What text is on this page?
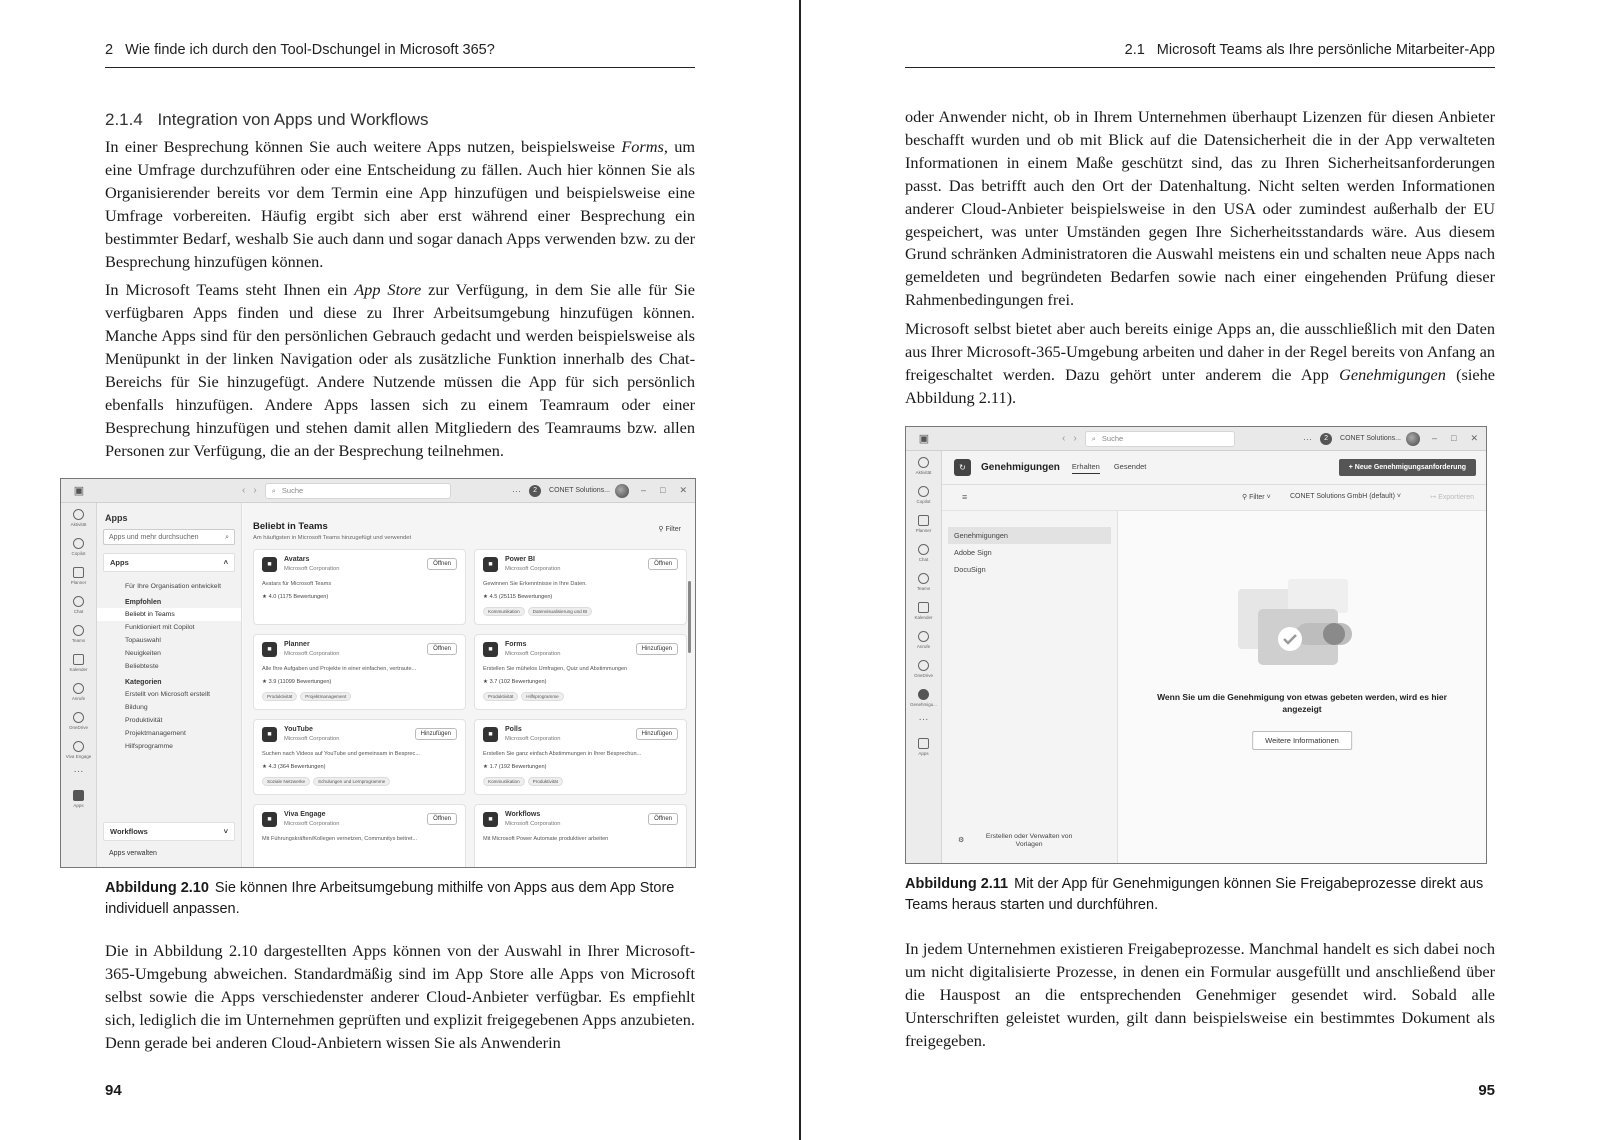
2 Wie finde ich durch den Tool-Dschungel in Microsoft 365?
2.1.4 Integration von Apps und Workflows

In einer Besprechung können Sie auch weitere Apps nutzen, beispielsweise Forms, um eine Umfrage durchzuführen oder eine Entscheidung zu fällen. Auch hier können Sie als Organisierender bereits vor dem Termin eine App hinzufügen und beispielsweise eine Umfrage vorbereiten. Häufig ergibt sich aber erst während einer Besprechung ein bestimmter Bedarf, weshalb Sie auch dann und sogar danach Apps verwenden bzw. zu der Besprechung hinzufügen können.

In Microsoft Teams steht Ihnen ein App Store zur Verfügung, in dem Sie alle für Sie verfügbaren Apps finden und diese zu Ihrer Arbeitsumgebung hinzufügen können. Manche Apps sind für den persönlichen Gebrauch gedacht und werden beispielsweise als Menüpunkt in der linken Navigation oder als zusätzliche Funktion innerhalb des Chat-Bereichs für Sie hinzugefügt. Andere Nutzende müssen die App für sich persönlich ebenfalls hinzufügen. Andere Apps lassen sich zu einem Teamraum oder einer Besprechung hinzufügen und stehen damit allen Mitgliedern des Teamraums bzw. allen Personen zur Verfügung, die an der Besprechung teilnehmen.

▣	‹ › ⌕ Suche	···	2	CONET Solutions...	– □ ✕
Aktivität
Copilot
Planner
Chat
Teams
Kalender
Anrufe
OneDrive
Viva Engage
···
Apps
Apps
Apps und mehr durchsuchen	⌕
Apps	˄
Für Ihre Organisation entwickelt
Empfohlen
Beliebt in Teams
Funktioniert mit Copilot
Topauswahl
Neuigkeiten
Beliebteste
Kategorien
Erstellt von Microsoft erstellt
Bildung
Produktivität
Projektmanagement
Hilfsprogramme
Workflows	˅
Apps verwalten
Beliebt in Teams
Am häufigsten in Microsoft Teams hinzugefügt und verwendet
⚲ Filter
■
Avatars
Microsoft Corporation
Öffnen
Avatars für Microsoft Teams
★ 4.0 (1175 Bewertungen)
■
Power BI
Microsoft Corporation
Öffnen
Gewinnen Sie Erkenntnisse in Ihre Daten.
★ 4.5 (25115 Bewertungen)
Kommunikation	Datenvisualisierung und BI
■
Planner
Microsoft Corporation
Öffnen
Alle Ihre Aufgaben und Projekte in einer einfachen, vertraute...
★ 3.9 (11099 Bewertungen)
Produktivität	Projektmanagement
■
Forms
Microsoft Corporation
Hinzufügen
Erstellen Sie mühelos Umfragen, Quiz und Abstimmungen
★ 3.7 (102 Bewertungen)
Produktivität	Hilfsprogramme
■
YouTube
Microsoft Corporation
Hinzufügen
Suchen nach Videos auf YouTube und gemeinsam in Besprec...
★ 4.3 (364 Bewertungen)
Soziale Netzwerke	Schulungen und Lernprogramme
■
Polls
Microsoft Corporation
Hinzufügen
Erstellen Sie ganz einfach Abstimmungen in Ihrer Besprechun...
★ 1.7 (192 Bewertungen)
Kommunikation	Produktivität
■
Viva Engage
Microsoft Corporation
Öffnen
Mit Führungskräften/Kollegen vernetzen, Communitys beitret...
■
Workflows
Microsoft Corporation
Öffnen
Mit Microsoft Power Automate produktiver arbeiten
Abbildung 2.10 Sie können Ihre Arbeitsumgebung mithilfe von Apps aus dem App Store individuell anpassen.

Die in Abbildung 2.10 dargestellten Apps können von der Auswahl in Ihrer Microsoft-365-Umgebung abweichen. Standardmäßig sind im App Store alle Apps von Microsoft selbst sowie die Apps verschiedenster anderer Cloud-Anbieter verfügbar. Es empfiehlt sich, lediglich die im Unternehmen geprüften und explizit freigegebenen Apps anzubieten. Denn gerade bei anderen Cloud-Anbietern wissen Sie als Anwenderin

94
2.1 Microsoft Teams als Ihre persönliche Mitarbeiter-App

oder Anwender nicht, ob in Ihrem Unternehmen überhaupt Lizenzen für diesen Anbieter beschafft wurden und ob mit Blick auf die Datensicherheit die in der App verwalteten Informationen in einem Maße geschützt sind, das zu Ihren Sicherheitsanforderungen passt. Das betrifft auch den Ort der Datenhaltung. Nicht selten werden Informationen anderer Cloud-Anbieter beispielsweise in den USA oder zumindest außerhalb der EU gespeichert, was unter Umständen gegen Ihre Sicherheitsstandards wäre. Aus diesem Grund schränken Administratoren die Auswahl meistens ein und schalten neue Apps nach gemeldeten und begründeten Bedarfen sowie nach einer eingehenden Prüfung dieser Rahmenbedingungen frei.

Microsoft selbst bietet aber auch bereits einige Apps an, die ausschließlich mit den Daten aus Ihrer Microsoft-365-Umgebung arbeiten und daher in der Regel bereits von Anfang an freigeschaltet werden. Dazu gehört unter anderem die App Genehmigungen (siehe Abbildung 2.11).

▣	‹ › ⌕ Suche	···	2	CONET Solutions...	– □ ✕
Aktivität
Copilot
Planner
Chat
Teams
Kalender
Anrufe
OneDrive
Genehmigu...
···
Apps
↻	Genehmigungen Erhalten Gesendet	+ Neue Genehmigungsanforderung
≡	⚲ Filter ˅	CONET Solutions GmbH (default) ˅	↦ Exportieren
Genehmigungen
Adobe Sign
DocuSign
⚙
Erstellen oder Verwalten von Vorlagen
Wenn Sie um die Genehmigung von etwas gebeten werden, wird es hier angezeigt
Weitere Informationen
Abbildung 2.11 Mit der App für Genehmigungen können Sie Freigabeprozesse direkt aus Teams heraus starten und durchführen.

In jedem Unternehmen existieren Freigabeprozesse. Manchmal handelt es sich dabei noch um nicht digitalisierte Prozesse, in denen ein Formular ausgefüllt und anschließend über die Hauspost an die entsprechenden Genehmiger gesendet wird. Sobald alle Unterschriften geleistet wurden, gilt dann beispielsweise ein bestimmtes Dokument als freigegeben.

95
